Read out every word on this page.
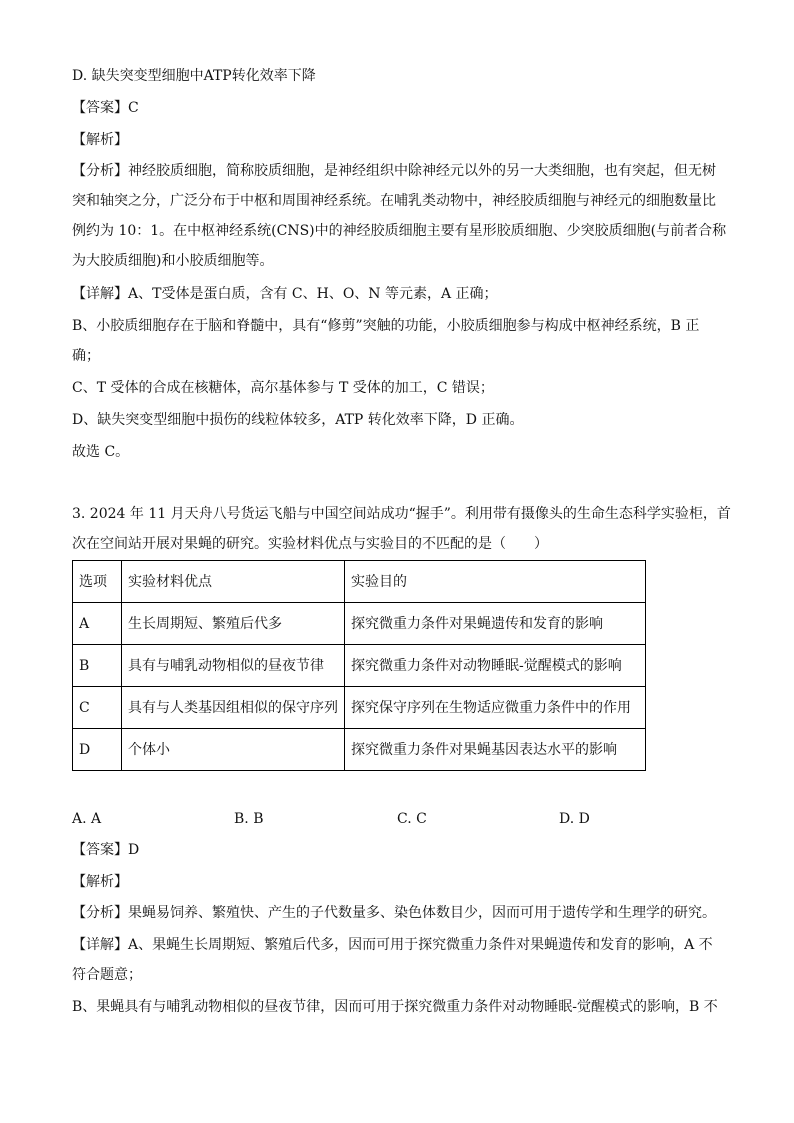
D. 缺失突变型细胞中ATP转化效率下降
【答案】C
【解析】
【分析】神经胶质细胞，简称胶质细胞，是神经组织中除神经元以外的另一大类细胞，也有突起，但无树
突和轴突之分，广泛分布于中枢和周围神经系统。在哺乳类动物中，神经胶质细胞与神经元的细胞数量比
例约为 10：1。在中枢神经系统(CNS)中的神经胶质细胞主要有星形胶质细胞、少突胶质细胞(与前者合称
为大胶质细胞)和小胶质细胞等。
【详解】A、T受体是蛋白质，含有 C、H、O、N 等元素，A 正确；
B、小胶质细胞存在于脑和脊髓中，具有“修剪”突触的功能，小胶质细胞参与构成中枢神经系统，B 正
确；
C、T 受体的合成在核糖体，高尔基体参与 T 受体的加工，C 错误；
D、缺失突变型细胞中损伤的线粒体较多，ATP 转化效率下降，D 正确。
故选 C。
3. 2024 年 11 月天舟八号货运飞船与中国空间站成功“握手”。利用带有摄像头的生命生态科学实验柜，首
次在空间站开展对果蝇的研究。实验材料优点与实验目的不匹配的是（　　）
选项	实验材料优点	实验目的
A	生长周期短、繁殖后代多	探究微重力条件对果蝇遗传和发育的影响
B	具有与哺乳动物相似的昼夜节律	探究微重力条件对动物睡眠-觉醒模式的影响
C	具有与人类基因组相似的保守序列	探究保守序列在生物适应微重力条件中的作用
D	个体小	探究微重力条件对果蝇基因表达水平的影响
A. A	B. B	C. C	D. D
【答案】D
【解析】
【分析】果蝇易饲养、繁殖快、产生的子代数量多、染色体数目少，因而可用于遗传学和生理学的研究。
【详解】A、果蝇生长周期短、繁殖后代多，因而可用于探究微重力条件对果蝇遗传和发育的影响，A 不
符合题意；
B、果蝇具有与哺乳动物相似的昼夜节律，因而可用于探究微重力条件对动物睡眠-觉醒模式的影响，B 不
